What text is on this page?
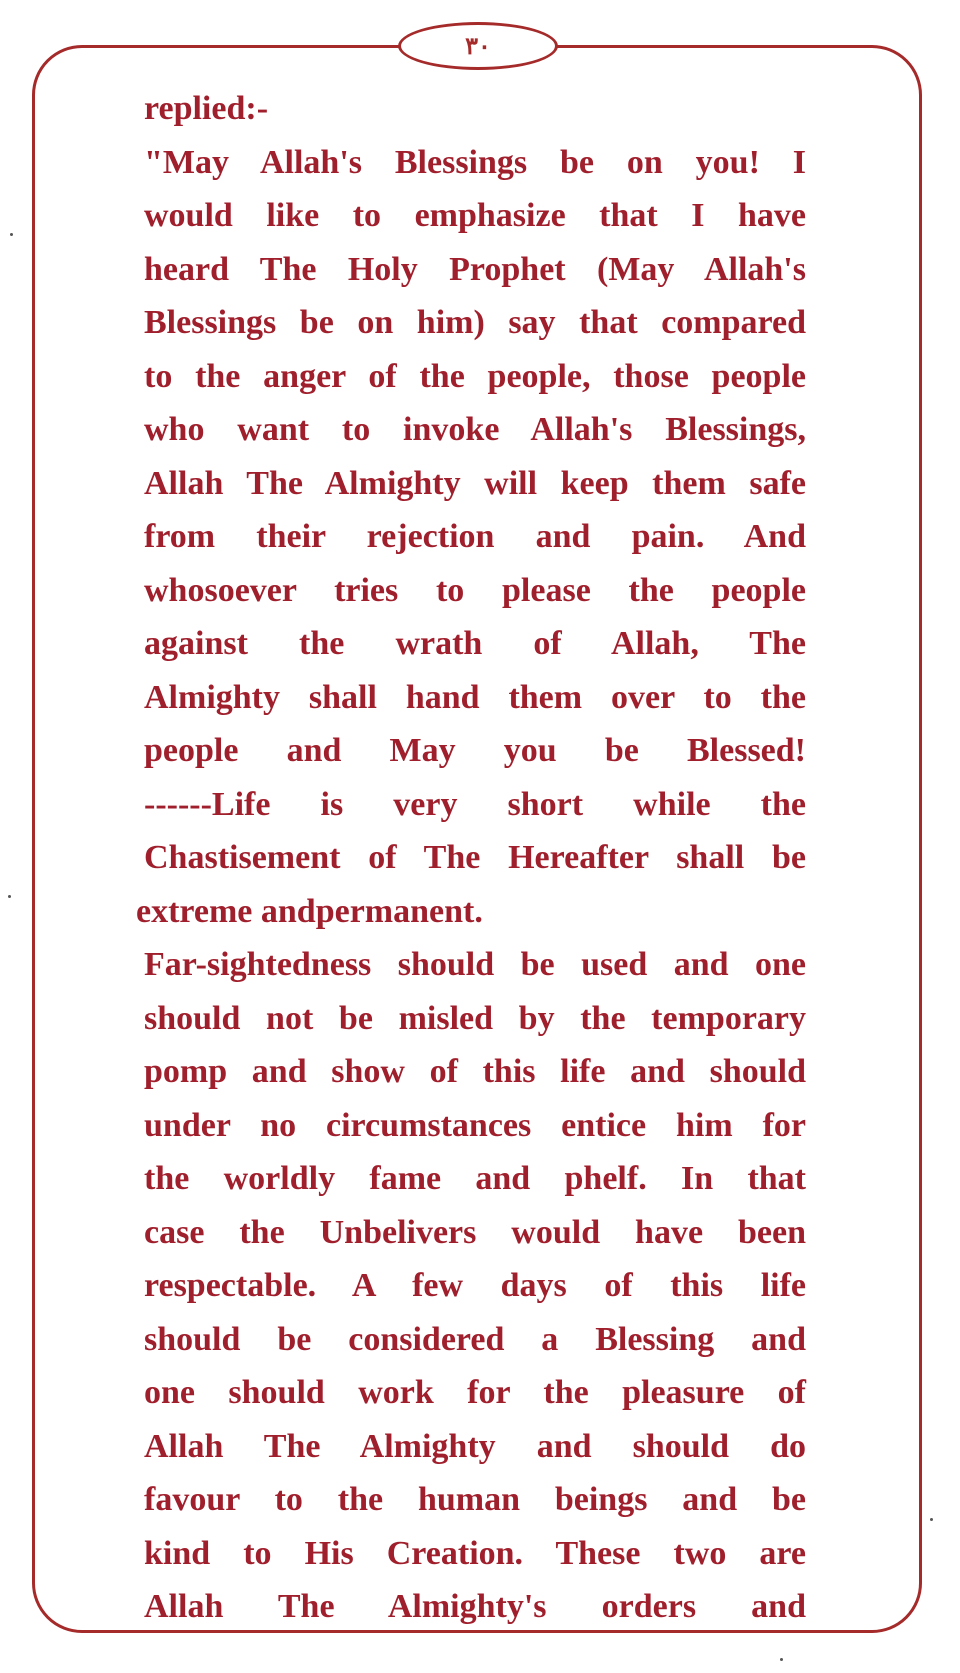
٣٠
replied:-
"May Allah's Blessings be on you! I
would like to emphasize that I have
heard The Holy Prophet (May Allah's
Blessings be on him) say that compared
to the anger of the people, those people
who want to invoke Allah's Blessings,
Allah The Almighty will keep them safe
from their rejection and pain. And
whosoever tries to please the people
against the wrath of Allah, The
Almighty shall hand them over to the
people and May you be Blessed!
------Life is very short while the
Chastisement of The Hereafter shall be
extreme andpermanent.
Far-sightedness should be used and one
should not be misled by the temporary
pomp and show of this life and should
under no circumstances entice him for
the worldly fame and phelf. In that
case the Unbelivers would have been
respectable. A few days of this life
should be considered a Blessing and
one should work for the pleasure of
Allah The Almighty and should do
favour to the human beings and be
kind to His Creation. These two are
Allah The Almighty's orders and
